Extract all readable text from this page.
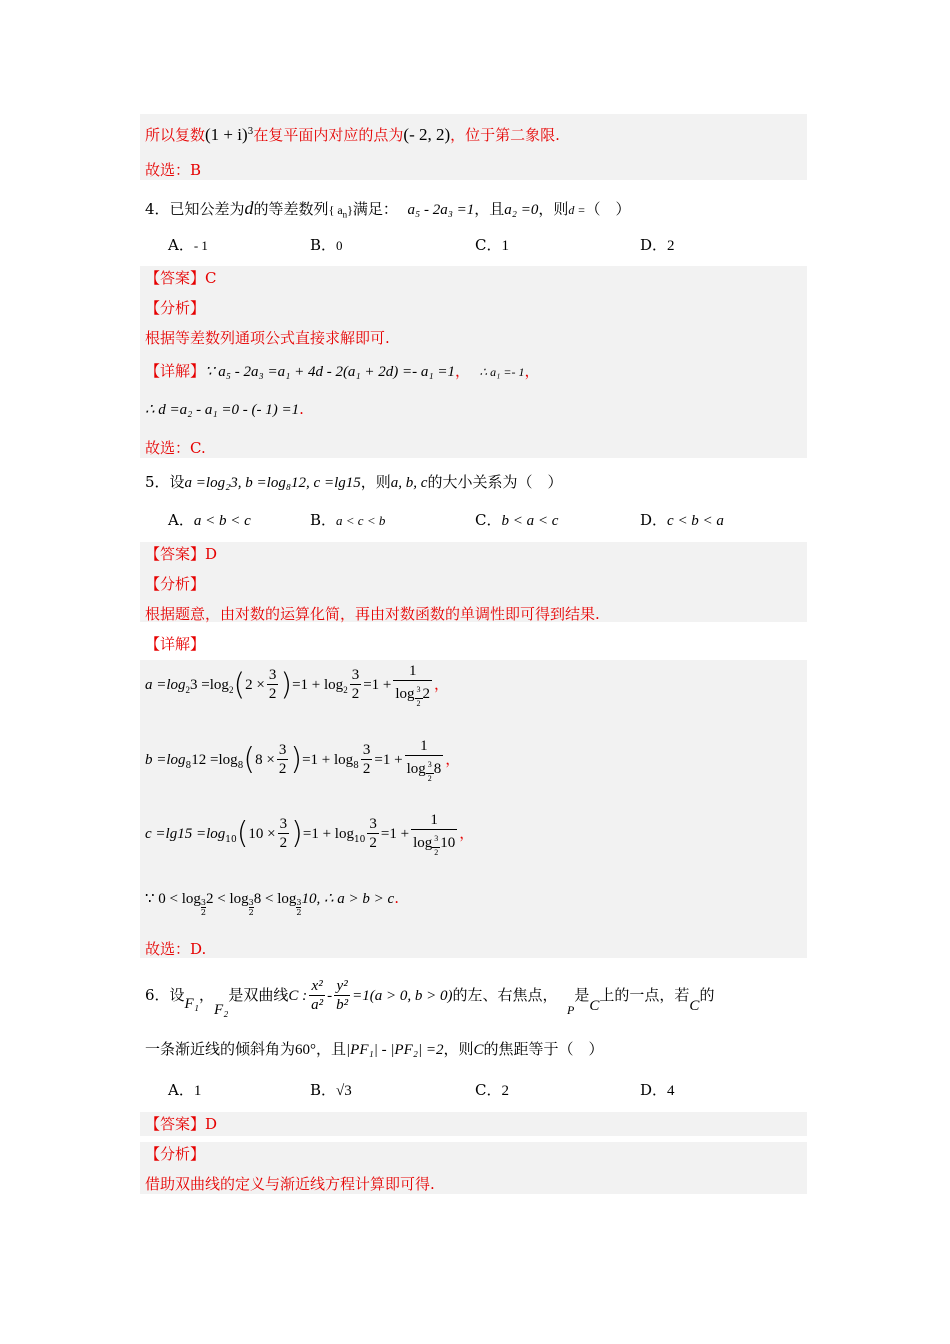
所以复数$(1 + i)^3$在复平面内对应的点为(- 2, 2)，位于第二象限.
故选：B
4．已知公差为d的等差数列{ $a_n$}满足： a₅ - 2a₃ =1，且a₂ =0，则d =（　）
A．- 1	B．0	C．1	D．2
【答案】C
【分析】
根据等差数列通项公式直接求解即可.
【详解】∵ a₅ - 2a₃ =a₁ + 4d - 2(a₁ + 2d) =- a₁ =1， ∴ a₁ =- 1，
∴ d =a₂ - a₁ =0 - (- 1) =1.
故选：C.
5．设a =log₂3, b =log₈12, c =lg15，则a, b, c的大小关系为（　）
A．a < b < c	B．a < c < b	C．b < a < c	D．c < b < a
【答案】D
【分析】
根据题意，由对数的运算化简，再由对数函数的单调性即可得到结果.
【详解】
$a =\log_23 =\log_2(2 \times \frac{3}{2} )=1 + \log_2 \frac{3}{2} =1 + \frac{1}{\log \frac{3}{2}2}$ ，
$b =\log_812 =\log_8(8 \times \frac{3}{2} )=1 + \log_8 \frac{3}{2} =1 + \frac{1}{\log \frac{3}{2}8}$ ，
$c =\lg 15 =\log_{10}(10 \times \frac{3}{2} )=1 + \log_{10} \frac{3}{2} =1 + \frac{1}{\log \frac{3}{2}10}$ ，
∵ $0 < \log \frac{3}{2}2 < \log \frac{3}{2}8 < \log \frac{3}{2}10$, ∴ a > b > c.
故选：D.
6．设F₁，F₂是双曲线C : $\frac{\text{x²}}{\text{a²}} - \frac{\text{y²}}{\text{b²}} =1(a > 0$, b > 0)的左、右焦点，  $_P$是C上的一点，若C的
一条渐近线的倾斜角为60°，且|PF₁| - |PF₂| =2，则C的焦距等于（　）
A．1	B．√3	C．2	D．4
【答案】D
【分析】
借助双曲线的定义与渐近线方程计算即可得.
